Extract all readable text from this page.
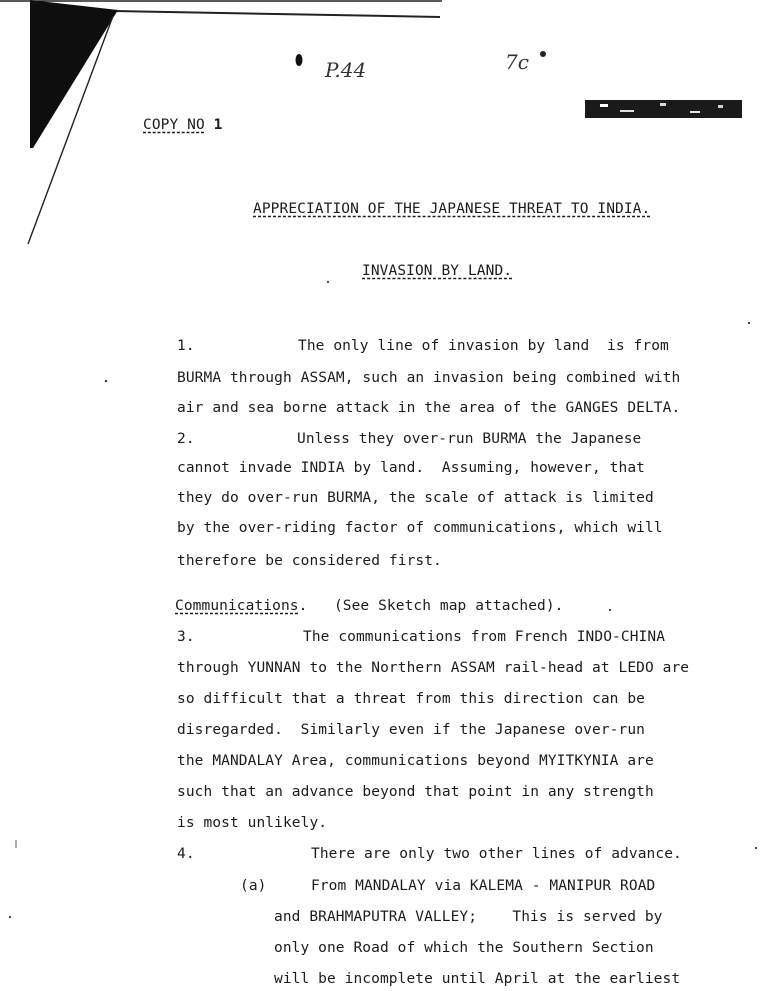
P.44	7c
COPY NO 1
APPRECIATION OF THE JAPANESE THREAT TO INDIA.
INVASION BY LAND.
1.	The only line of invasion by land  is from
BURMA through ASSAM, such an invasion being combined with
air and sea borne attack in the area of the GANGES DELTA.
2.	Unless they over-run BURMA the Japanese
cannot invade INDIA by land.  Assuming, however, that
they do over-run BURMA, the scale of attack is limited
by the over-riding factor of communications, which will
therefore be considered first.
Communications.   (See Sketch map attached).
3.	The communications from French INDO-CHINA
through YUNNAN to the Northern ASSAM rail-head at LEDO are
so difficult that a threat from this direction can be
disregarded.  Similarly even if the Japanese over-run
the MANDALAY Area, communications beyond MYITKYNIA are
such that an advance beyond that point in any strength
is most unlikely.
4.	There are only two other lines of advance.
(a)	From MANDALAY via KALEMA - MANIPUR ROAD
and BRAHMAPUTRA VALLEY;    This is served by
only one Road of which the Southern Section
will be incomplete until April at the earliest
